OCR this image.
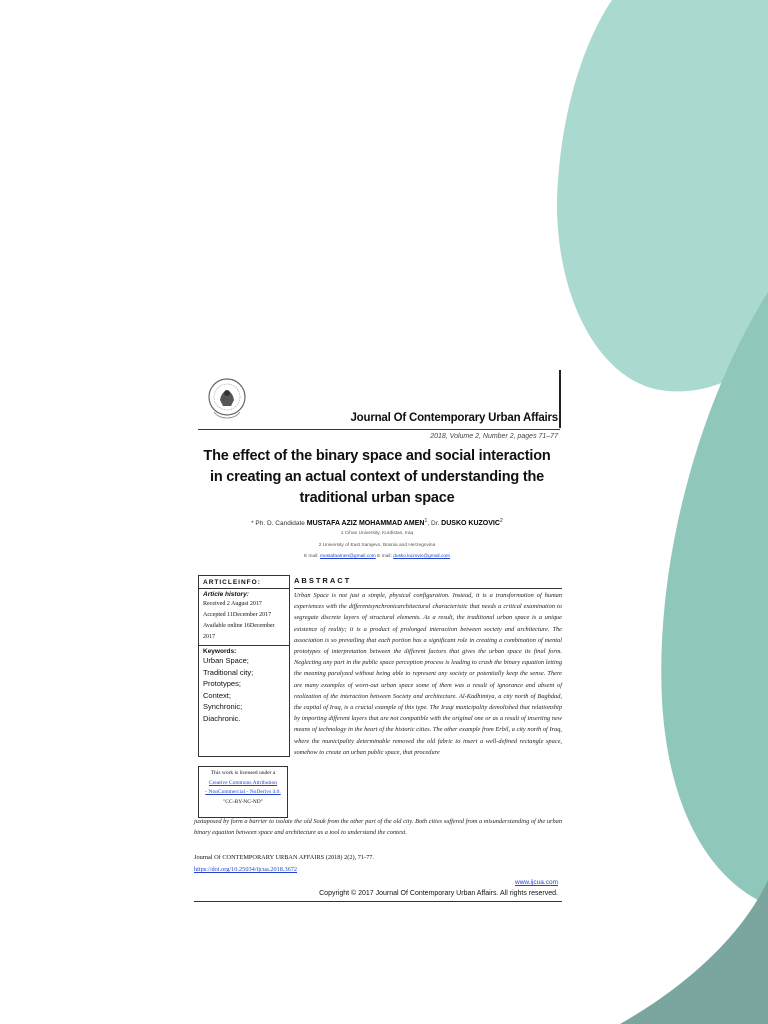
Journal Of Contemporary Urban Affairs
2018, Volume 2, Number 2, pages 71–77
The effect of the binary space and social interaction
in creating an actual context of understanding the
traditional urban space
* Ph. D. Candidate MUSTAFA AZIZ MOHAMMAD AMEN$^1$, Dr. DUSKO KUZOVIC$^2$
1 Cihan University, Kurdistan, Iraq
2 University of East Sarajevo, Bosnia and Herzegovina
E mail: mustafaamen@gmail.com E mail: dusko.kuzovic@gmail.com
ARTICLEINFO:
Article history:
Received 2 August 2017
Accepted 11December 2017
Available online 16December
2017
Keywords:
Urban Space;
Traditional city;
Prototypes;
Context;
Synchronic;
Diachronic.
This work is licensed under a
Creative Commons Attribution
- NonCommercial - NoDerivs 4.0.
"CC-BY-NC-ND"
ABSTRACT

Urban Space is not just a simple, physical configuration. Instead, it is a transformation of human experiences with the differentsynchronicarchitectural characteristic that needs a critical examination to segregate discrete layers of structural elements. As a result, the traditional urban space is a unique existence of reality; it is a product of prolonged interaction between society and architecture. The association is so prevailing that each portion has a significant role in creating a combination of mental prototypes of interpretation between the different factors that gives the urban space its final form. Neglecting any part in the public space perception process is leading to crash the binary equation letting the meaning paralyzed without being able to represent any society or potentially keep the sense. There are many examples of worn-out urban space some of them was a result of ignorance and absent of realization of the interaction between Society and architecture. Al-Kadhimiya, a city north of Baghdad, the capital of Iraq, is a crucial example of this type. The Iraqi municipality demolished that relationship by importing different layers that are not compatible with the original one or as a result of inserting new means of technology in the heart of the historic cities. The other example from Erbil, a city north of Iraq, where the municipality determinable removed the old fabric to insert a well-defined rectangle space, somehow to create an urban public space, that procedure

juxtaposed by form a barrier to isolate the old Souk from the other part of the old city. Both cities suffered from a misunderstanding of the urban binary equation between space and architecture as a tool to understand the context.

Journal Of CONTEMPORARY URBAN AFFAIRS (2018) 2(2), 71-77.
https://doi.org/10.25034/ijcua.2018.3672
www.ijcua.com
Copyright © 2017 Journal Of Contemporary Urban Affairs. All rights reserved.
